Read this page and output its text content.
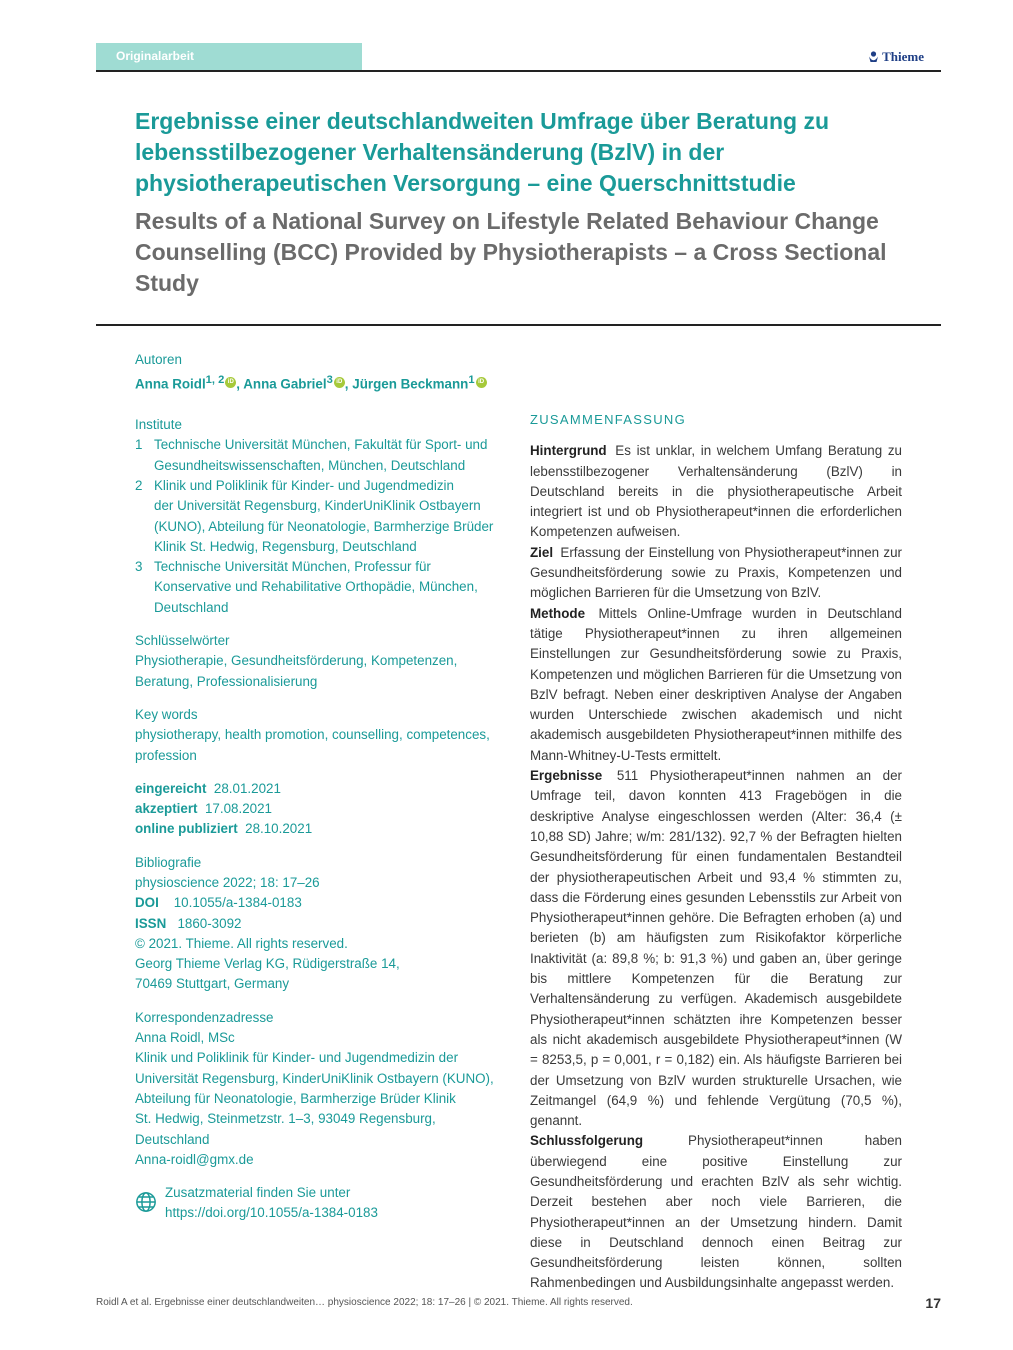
Originalarbeit	Thieme
Ergebnisse einer deutschlandweiten Umfrage über Beratung zu lebensstilbezogener Verhaltensänderung (BzlV) in der physiotherapeutischen Versorgung – eine Querschnittstudie
Results of a National Survey on Lifestyle Related Behaviour Change Counselling (BCC) Provided by Physiotherapists – a Cross Sectional Study
Autoren
Anna Roidl$^{1, 2}$ iD , Anna Gabriel$^3$ iD , Jürgen Beckmann$^1$ iD
Institute
1 Technische Universität München, Fakultät für Sport- und
Gesundheitswissenschaften, München, Deutschland
2 Klinik und Poliklinik für Kinder- und Jugendmedizin
der Universität Regensburg, KinderUniKlinik Ostbayern
(KUNO), Abteilung für Neonatologie, Barmherzige Brüder
Klinik St. Hedwig, Regensburg, Deutschland
3 Technische Universität München, Professur für
Konservative und Rehabilitative Orthopädie, München,
Deutschland
Schlüsselwörter
Physiotherapie, Gesundheitsförderung, Kompetenzen,
Beratung, Professionalisierung
Key words
physiotherapy, health promotion, counselling, competences,
profession
eingereicht 28.01.2021
akzeptiert 17.08.2021
online publiziert 28.10.2021
Bibliografie
physioscience 2022; 18: 17–26
DOI 10.1055/a-1384-0183
ISSN 1860-3092
© 2021. Thieme. All rights reserved.
Georg Thieme Verlag KG, Rüdigerstraße 14,
70469 Stuttgart, Germany
Korrespondenzadresse
Anna Roidl, MSc
Klinik und Poliklinik für Kinder- und Jugendmedizin der
Universität Regensburg, KinderUniKlinik Ostbayern (KUNO),
Abteilung für Neonatologie, Barmherzige Brüder Klinik
St. Hedwig, Steinmetzstr. 1–3, 93049 Regensburg,
Deutschland
Anna-roidl@gmx.de
Zusatzmaterial finden Sie unter
https://doi.org/10.1055/a-1384-0183
ZUSAMMENFASSUNG

Hintergrund Es ist unklar, in welchem Umfang Beratung zu lebensstilbezogener Verhaltensänderung (BzlV) in Deutschland bereits in die physiotherapeutische Arbeit integriert ist und ob Physiotherapeut*innen die erforderlichen Kompetenzen aufweisen.

Ziel Erfassung der Einstellung von Physiotherapeut*innen zur Gesundheitsförderung sowie zu Praxis, Kompetenzen und möglichen Barrieren für die Umsetzung von BzlV.

Methode Mittels Online-Umfrage wurden in Deutschland tätige Physiotherapeut*innen zu ihren allgemeinen Einstellungen zur Gesundheitsförderung sowie zu Praxis, Kompetenzen und möglichen Barrieren für die Umsetzung von BzlV befragt. Neben einer deskriptiven Analyse der Angaben wurden Unterschiede zwischen akademisch und nicht akademisch ausgebildeten Physiotherapeut*innen mithilfe des Mann-Whitney-U-Tests ermittelt.

Ergebnisse 511 Physiotherapeut*innen nahmen an der Umfrage teil, davon konnten 413 Fragebögen in die deskriptive Analyse eingeschlossen werden (Alter: 36,4 (± 10,88 SD) Jahre; w/m: 281/132). 92,7 % der Befragten hielten Gesundheitsförderung für einen fundamentalen Bestandteil der physiotherapeutischen Arbeit und 93,4 % stimmten zu, dass die Förderung eines gesunden Lebensstils zur Arbeit von Physiotherapeut*innen gehöre. Die Befragten erhoben (a) und berieten (b) am häufigsten zum Risikofaktor körperliche Inaktivität (a: 89,8 %; b: 91,3 %) und gaben an, über geringe bis mittlere Kompetenzen für die Beratung zur Verhaltensänderung zu verfügen. Akademisch ausgebildete Physiotherapeut*innen schätzten ihre Kompetenzen besser als nicht akademisch ausgebildete Physiotherapeut*innen (W = 8253,5, p = 0,001, r = 0,182) ein. Als häufigste Barrieren bei der Umsetzung von BzlV wurden strukturelle Ursachen, wie Zeitmangel (64,9 %) und fehlende Vergütung (70,5 %), genannt.

Schlussfolgerung	Physiotherapeut*innen haben überwiegend eine positive Einstellung zur Gesundheitsförderung und erachten BzlV als sehr wichtig. Derzeit bestehen aber noch viele Barrieren, die Physiotherapeut*innen an der Umsetzung hindern. Damit diese in Deutschland dennoch einen Beitrag zur Gesundheitsförderung leisten können, sollten Rahmenbedingen und Ausbildungsinhalte angepasst werden.

Roidl A et al. Ergebnisse einer deutschlandweiten… physioscience 2022; 18: 17–26 | © 2021. Thieme. All rights reserved.	17
